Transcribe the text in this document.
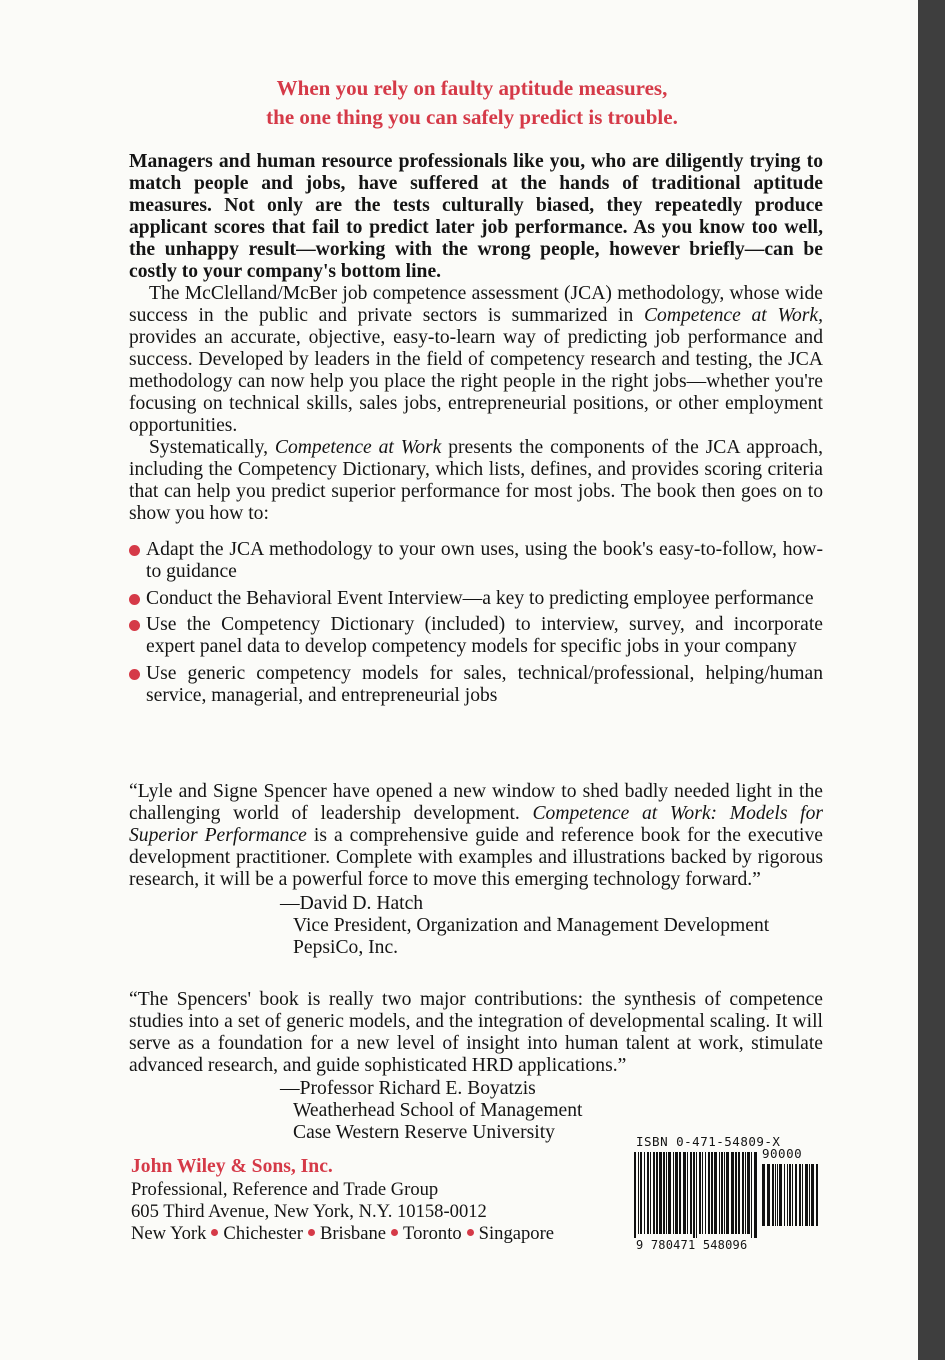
When you rely on faulty aptitude measures,
the one thing you can safely predict is trouble.

Managers and human resource professionals like you, who are diligently trying to match people and jobs, have suffered at the hands of traditional aptitude measures. Not only are the tests culturally biased, they repeatedly produce applicant scores that fail to predict later job performance. As you know too well, the unhappy result—working with the wrong people, however briefly—can be costly to your company's bottom line.

The McClelland/McBer job competence assessment (JCA) methodology, whose wide success in the public and private sectors is summarized in Competence at Work, provides an accurate, objective, easy-to-learn way of predicting job performance and success. Developed by leaders in the field of competency research and testing, the JCA methodology can now help you place the right people in the right jobs—whether you're focusing on technical skills, sales jobs, entrepreneurial positions, or other employment opportunities.

Systematically, Competence at Work presents the components of the JCA approach, including the Competency Dictionary, which lists, defines, and provides scoring criteria that can help you predict superior performance for most jobs. The book then goes on to show you how to:

Adapt the JCA methodology to your own uses, using the book's easy-to-follow, how-to guidance
Conduct the Behavioral Event Interview—a key to predicting employee performance
Use the Competency Dictionary (included) to interview, survey, and incorporate expert panel data to develop competency models for specific jobs in your company
Use generic competency models for sales, technical/professional, helping/human service, managerial, and entrepreneurial jobs

“Lyle and Signe Spencer have opened a new window to shed badly needed light in the challenging world of leadership development. Competence at Work: Models for Superior Performance is a comprehensive guide and reference book for the executive development practitioner. Complete with examples and illustrations backed by rigorous research, it will be a powerful force to move this emerging technology forward.”

—David D. Hatch
Vice President, Organization and Management Development
PepsiCo, Inc.

“The Spencers' book is really two major contributions: the synthesis of competence studies into a set of generic models, and the integration of developmental scaling. It will serve as a foundation for a new level of insight into human talent at work, stimulate advanced research, and guide sophisticated HRD applications.”

—Professor Richard E. Boyatzis
Weatherhead School of Management
Case Western Reserve University
John Wiley & Sons, Inc.
Professional, Reference and Trade Group
605 Third Avenue, New York, N.Y. 10158-0012
New York Chichester Brisbane Toronto Singapore
ISBN 0-471-54809-X
90000
9 780471 548096
